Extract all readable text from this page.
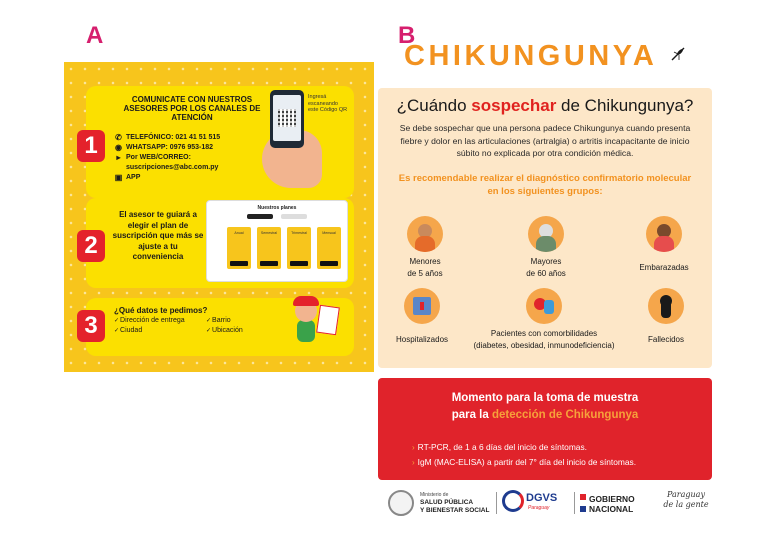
A	B
1
COMUNICATE CON NUESTROS ASESORES POR LOS CANALES DE ATENCIÓN
✆ TELEFÓNICO: 021 41 51 515
◉ WHATSAPP: 0976 953-182
▸ Por WEB/CORREO:
suscripciones@abc.com.py
▣ APP
Ingresá escaneando este Código QR
2
El asesor te guiará a elegir el plan de suscripción que más se ajuste a tu conveniencia
Nuestros planes
Anual	Semestral	Trimestral	Mensual
3
¿Qué datos te pedimos?
✓Dirección de entrega	✓Barrio
✓Ciudad	✓Ubicación
CHIKUNGUNYA
¿Cuándo sospechar de Chikungunya?
Se debe sospechar que una persona padece Chikungunya cuando presenta fiebre y dolor en las articulaciones (artralgia) o artritis incapacitante de inicio súbito no explicada por otra condición médica.
Es recomendable realizar el diagnóstico confirmatorio molecular en los siguientes grupos:
Menores
de 5 años
Mayores
de 60 años
Embarazadas
Hospitalizados
Pacientes con comorbilidades
(diabetes, obesidad, inmunodeficiencia)
Fallecidos
Momento para la toma de muestra
para la detección de Chikungunya
› RT-PCR, de 1 a 6 días del inicio de síntomas.
› IgM (MAC-ELISA) a partir del 7° día del inicio de síntomas.
Ministerio de
SALUD PÚBLICA
Y BIENESTAR SOCIAL
DGVS
Paraguay
GOBIERNO
NACIONAL
Paraguay
de la gente
